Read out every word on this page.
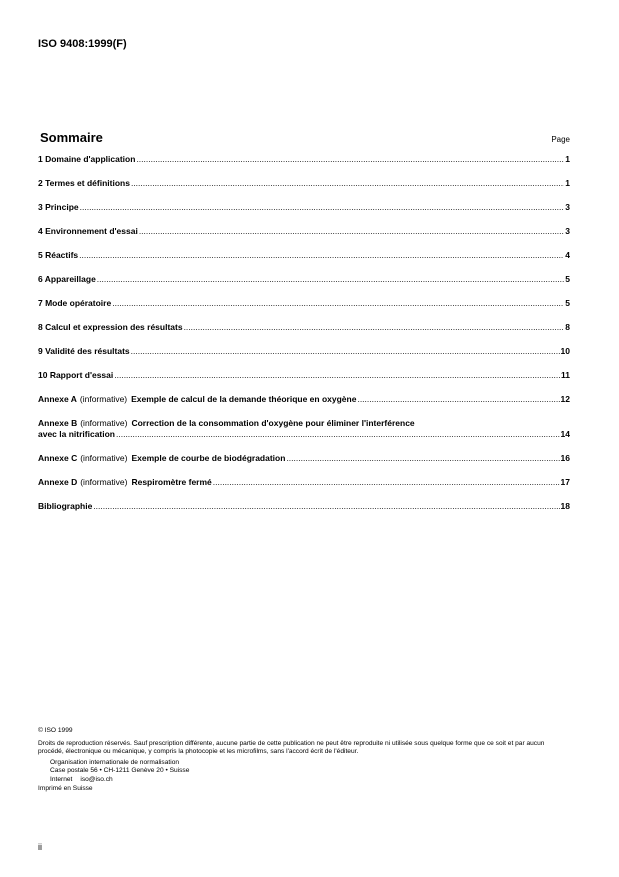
ISO 9408:1999(F)
Sommaire	Page
1 Domaine d'application .....	1
2 Termes et définitions .....	1
3 Principe .....	3
4 Environnement d'essai .....	3
5 Réactifs .....	4
6 Appareillage .....	5
7 Mode opératoire .....	5
8 Calcul et expression des résultats .....	8
9 Validité des résultats .....	10
10 Rapport d'essai .....	11
Annexe A (informative) Exemple de calcul de la demande théorique en oxygène .....	12
Annexe B (informative) Correction de la consommation d'oxygène pour éliminer l'interférence
avec la nitrification .....	14
Annexe C (informative) Exemple de courbe de biodégradation .....	16
Annexe D (informative) Respiromètre fermé .....	17
Bibliographie .....	18

© ISO 1999

Droits de reproduction réservés. Sauf prescription différente, aucune partie de cette publication ne peut être reproduite ni utilisée sous quelque forme que ce soit et par aucun procédé, électronique ou mécanique, y compris la photocopie et les microfilms, sans l'accord écrit de l'éditeur.

Organisation internationale de normalisation

Case postale 56 • CH-1211 Genève 20 • Suisse

Internet iso@iso.ch

Imprimé en Suisse

ii
